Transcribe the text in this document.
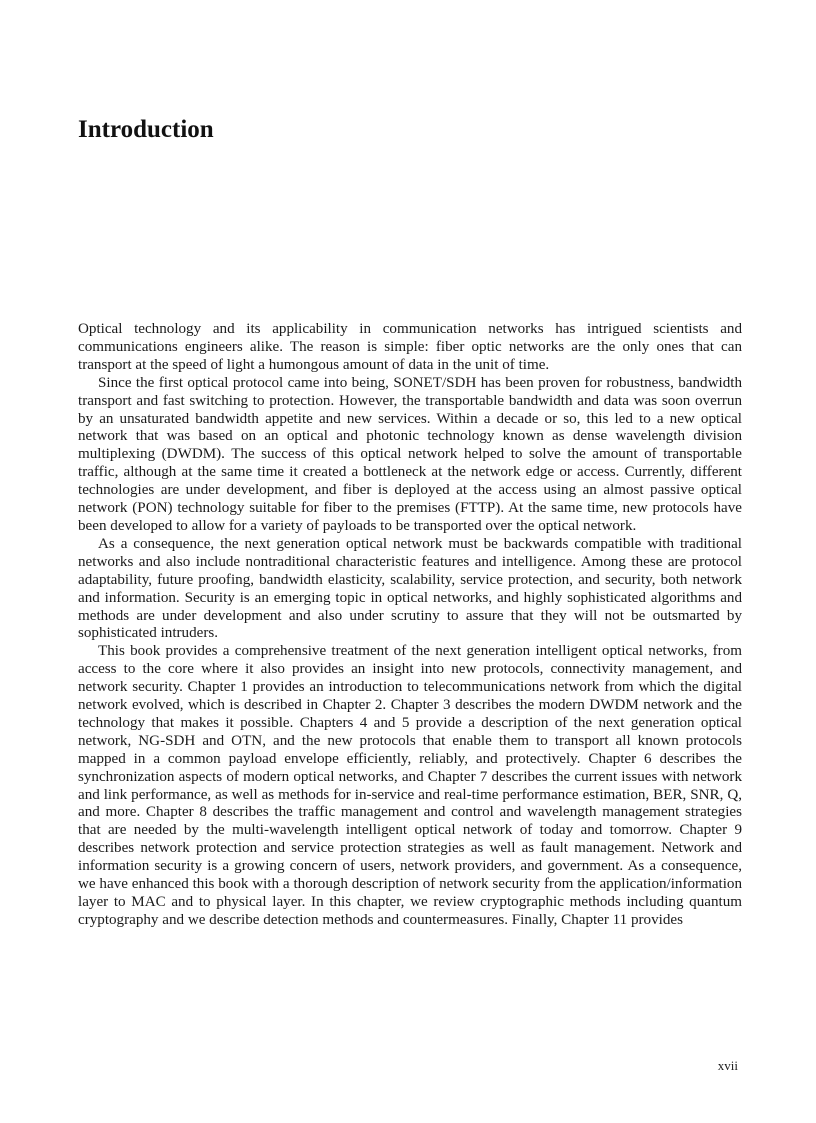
Introduction

Optical technology and its applicability in communication networks has intrigued scientists and communications engineers alike. The reason is simple: fiber optic networks are the only ones that can transport at the speed of light a humongous amount of data in the unit of time.

Since the first optical protocol came into being, SONET/SDH has been proven for robustness, bandwidth transport and fast switching to protection. However, the transportable bandwidth and data was soon overrun by an unsaturated bandwidth appetite and new services. Within a decade or so, this led to a new optical network that was based on an optical and photonic technology known as dense wavelength division multiplexing (DWDM). The success of this optical network helped to solve the amount of transportable traffic, although at the same time it created a bottleneck at the network edge or access. Currently, different technologies are under development, and fiber is deployed at the access using an almost passive optical network (PON) technology suitable for fiber to the premises (FTTP). At the same time, new protocols have been developed to allow for a variety of payloads to be transported over the optical network.

As a consequence, the next generation optical network must be backwards compatible with traditional networks and also include nontraditional characteristic features and intelligence. Among these are protocol adaptability, future proofing, bandwidth elasticity, scalability, service protection, and security, both network and information. Security is an emerging topic in optical networks, and highly sophisticated algorithms and methods are under development and also under scrutiny to assure that they will not be outsmarted by sophisticated intruders.

This book provides a comprehensive treatment of the next generation intelligent optical networks, from access to the core where it also provides an insight into new protocols, connectivity management, and network security. Chapter 1 provides an introduction to telecommunications network from which the digital network evolved, which is described in Chapter 2. Chapter 3 describes the modern DWDM network and the technology that makes it possible. Chapters 4 and 5 provide a description of the next generation optical network, NG-SDH and OTN, and the new protocols that enable them to transport all known protocols mapped in a common payload envelope efficiently, reliably, and protectively. Chapter 6 describes the synchronization aspects of modern optical networks, and Chapter 7 describes the current issues with network and link performance, as well as methods for in-service and real-time performance estimation, BER, SNR, Q, and more. Chapter 8 describes the traffic management and control and wavelength management strategies that are needed by the multi-wavelength intelligent optical network of today and tomorrow. Chapter 9 describes network protection and service protection strategies as well as fault management. Network and information security is a growing concern of users, network providers, and government. As a consequence, we have enhanced this book with a thorough description of network security from the application/information layer to MAC and to physical layer. In this chapter, we review cryptographic methods including quantum cryptography and we describe detection methods and countermeasures. Finally, Chapter 11 provides

xvii
